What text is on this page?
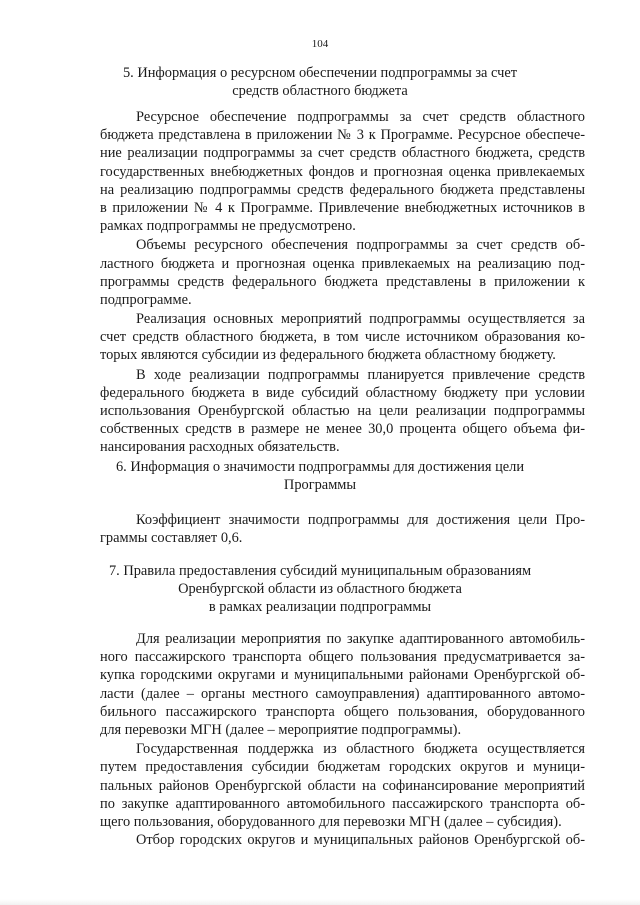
104
5. Информация о ресурсном обеспечении подпрограммы за счет
средств областного бюджета
Ресурсное обеспечение подпрограммы за счет средств областного
бюджета представлена в приложении № 3 к Программе. Ресурсное обеспече-
ние реализации подпрограммы за счет средств областного бюджета, средств
государственных внебюджетных фондов и прогнозная оценка привлекаемых
на реализацию подпрограммы средств федерального бюджета представлены
в приложении № 4 к Программе. Привлечение внебюджетных источников в
рамках подпрограммы не предусмотрено.
Объемы ресурсного обеспечения подпрограммы за счет средств об-
ластного бюджета и прогнозная оценка привлекаемых на реализацию под-
программы средств федерального бюджета представлены в приложении к
подпрограмме.
Реализация основных мероприятий подпрограммы осуществляется за
счет средств областного бюджета, в том числе источником образования ко-
торых являются субсидии из федерального бюджета областному бюджету.
В ходе реализации подпрограммы планируется привлечение средств
федерального бюджета в виде субсидий областному бюджету при условии
использования Оренбургской областью на цели реализации подпрограммы
собственных средств в размере не менее 30,0 процента общего объема фи-
нансирования расходных обязательств.
6. Информация о значимости подпрограммы для достижения цели
Программы
Коэффициент значимости подпрограммы для достижения цели Про-
граммы составляет 0,6.
7. Правила предоставления субсидий муниципальным образованиям
Оренбургской области из областного бюджета
в рамках реализации подпрограммы
Для реализации мероприятия по закупке адаптированного автомобиль-
ного пассажирского транспорта общего пользования предусматривается за-
купка городскими округами и муниципальными районами Оренбургской об-
ласти (далее – органы местного самоуправления) адаптированного автомо-
бильного пассажирского транспорта общего пользования, оборудованного
для перевозки МГН (далее – мероприятие подпрограммы).
Государственная поддержка из областного бюджета осуществляется
путем предоставления субсидии бюджетам городских округов и муници-
пальных районов Оренбургской области на софинансирование мероприятий
по закупке адаптированного автомобильного пассажирского транспорта об-
щего пользования, оборудованного для перевозки МГН (далее – субсидия).
Отбор городских округов и муниципальных районов Оренбургской об-
